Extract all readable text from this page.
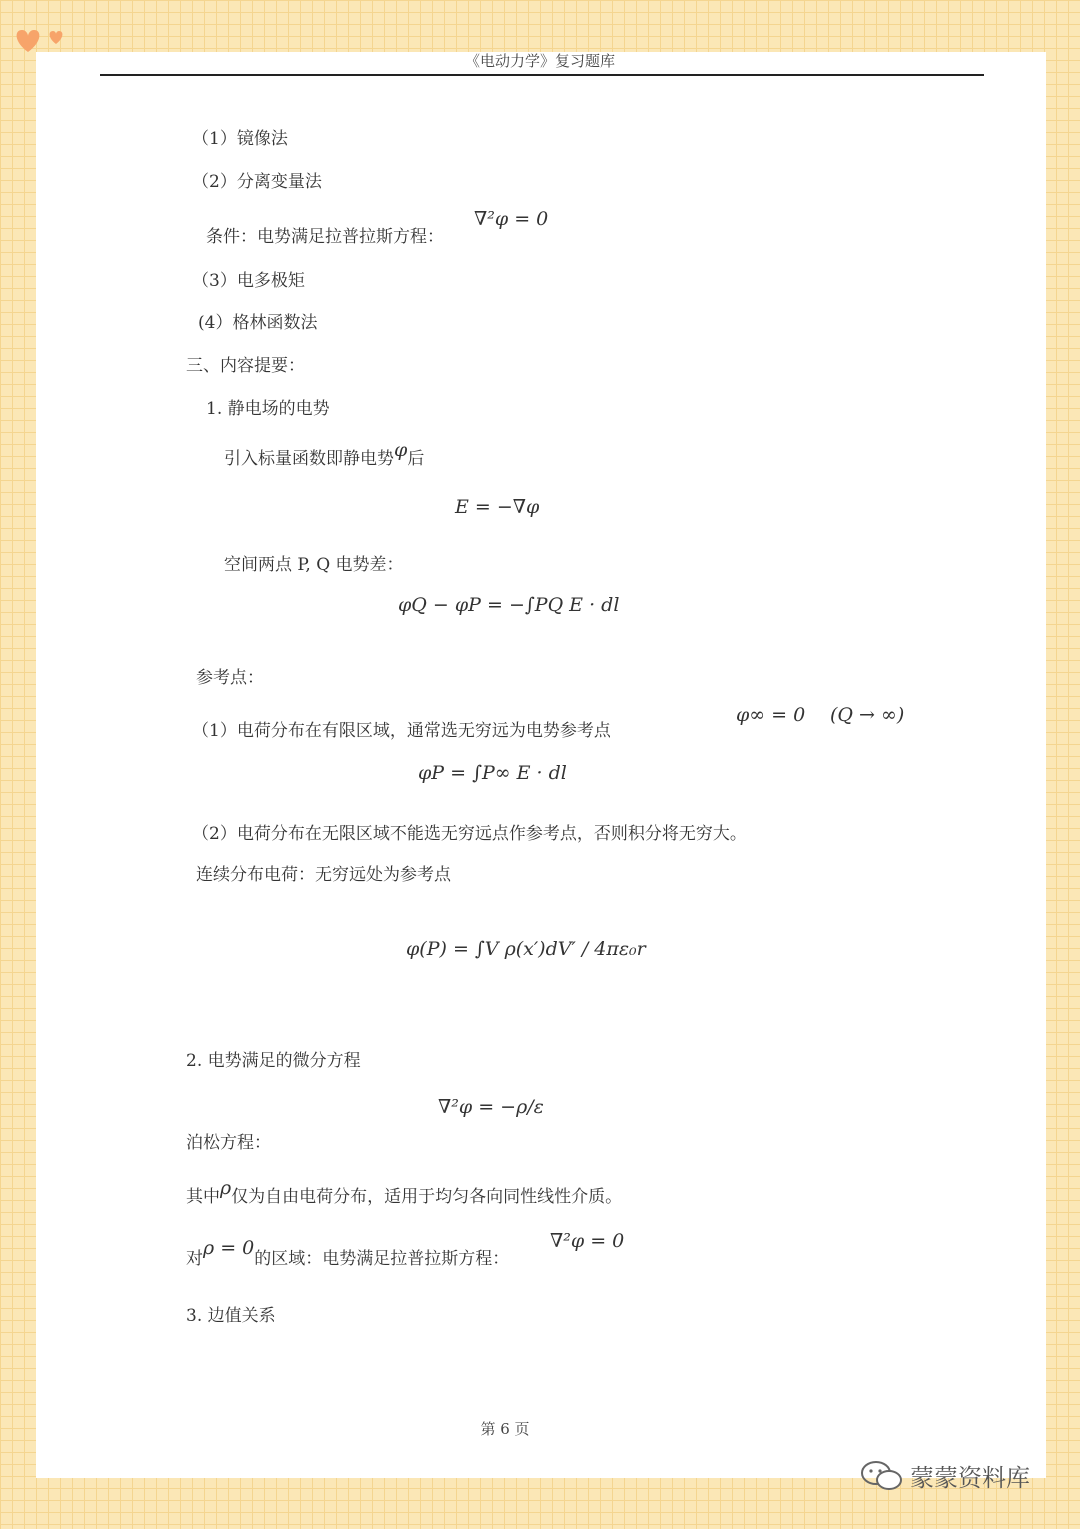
《电动力学》复习题库
（1）镜像法
（2）分离变量法
条件：电势满足拉普拉斯方程：
∇²φ = 0
（3）电多极矩
(4）格林函数法
三、内容提要：
1. 静电场的电势
引入标量函数即静电势φ后
E = −∇φ
空间两点 P, Q 电势差：
φQ − φP = −∫PQ E · dl
参考点：
（1）电荷分布在有限区域，通常选无穷远为电势参考点
φ∞ = 0 (Q → ∞)
φP = ∫P∞ E · dl
（2）电荷分布在无限区域不能选无穷远点作参考点，否则积分将无穷大。
连续分布电荷：无穷远处为参考点
φ(P) = ∫V ρ(x′)dV′ / 4πε₀r
2. 电势满足的微分方程
∇²φ = −ρ/ε
泊松方程：
其中ρ仅为自由电荷分布，适用于均匀各向同性线性介质。
对ρ = 0的区域：电势满足拉普拉斯方程：
∇²φ = 0
3. 边值关系
第 6 页
蒙蒙资料库
